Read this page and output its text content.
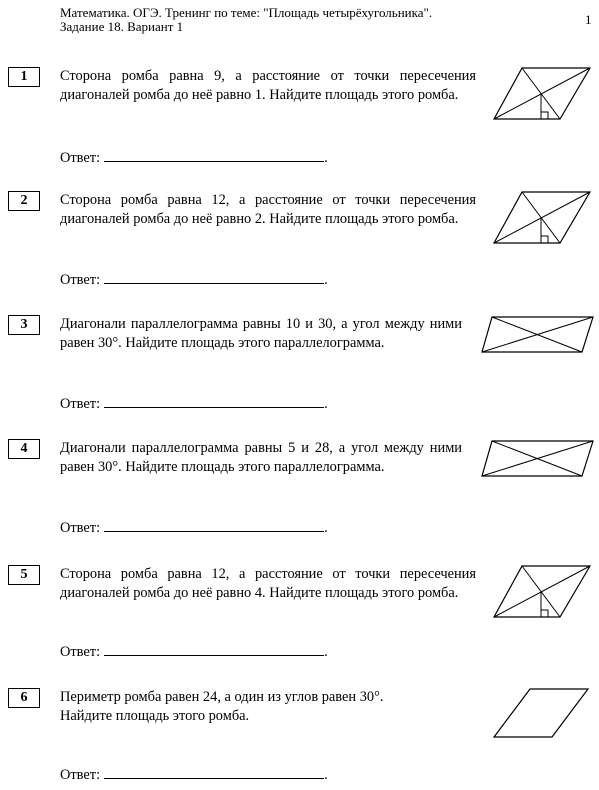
Математика. ОГЭ. Тренинг по теме: "Площадь четырёхугольника".
Задание 18. Вариант 1	1
1	Сторона ромба равна 9, а расстояние от точки пересечения диагоналей ромба до неё равно 1. Найдите площадь этого ромба.
Ответ:	.
2	Сторона ромба равна 12, а расстояние от точки пересечения диагоналей ромба до неё равно 2. Найдите площадь этого ромба.
Ответ:	.
3	Диагонали параллелограмма равны 10 и 30, а угол между ними равен 30°. Найдите площадь этого параллелограмма.
Ответ:	.
4	Диагонали параллелограмма равны 5 и 28, а угол между ними равен 30°. Найдите площадь этого параллелограмма.
Ответ:	.
5	Сторона ромба равна 12, а расстояние от точки пересечения диагоналей ромба до неё равно 4. Найдите площадь этого ромба.
Ответ:	.
6	Периметр ромба равен 24, а один из углов равен 30°. Найдите площадь этого ромба.
Ответ:	.
